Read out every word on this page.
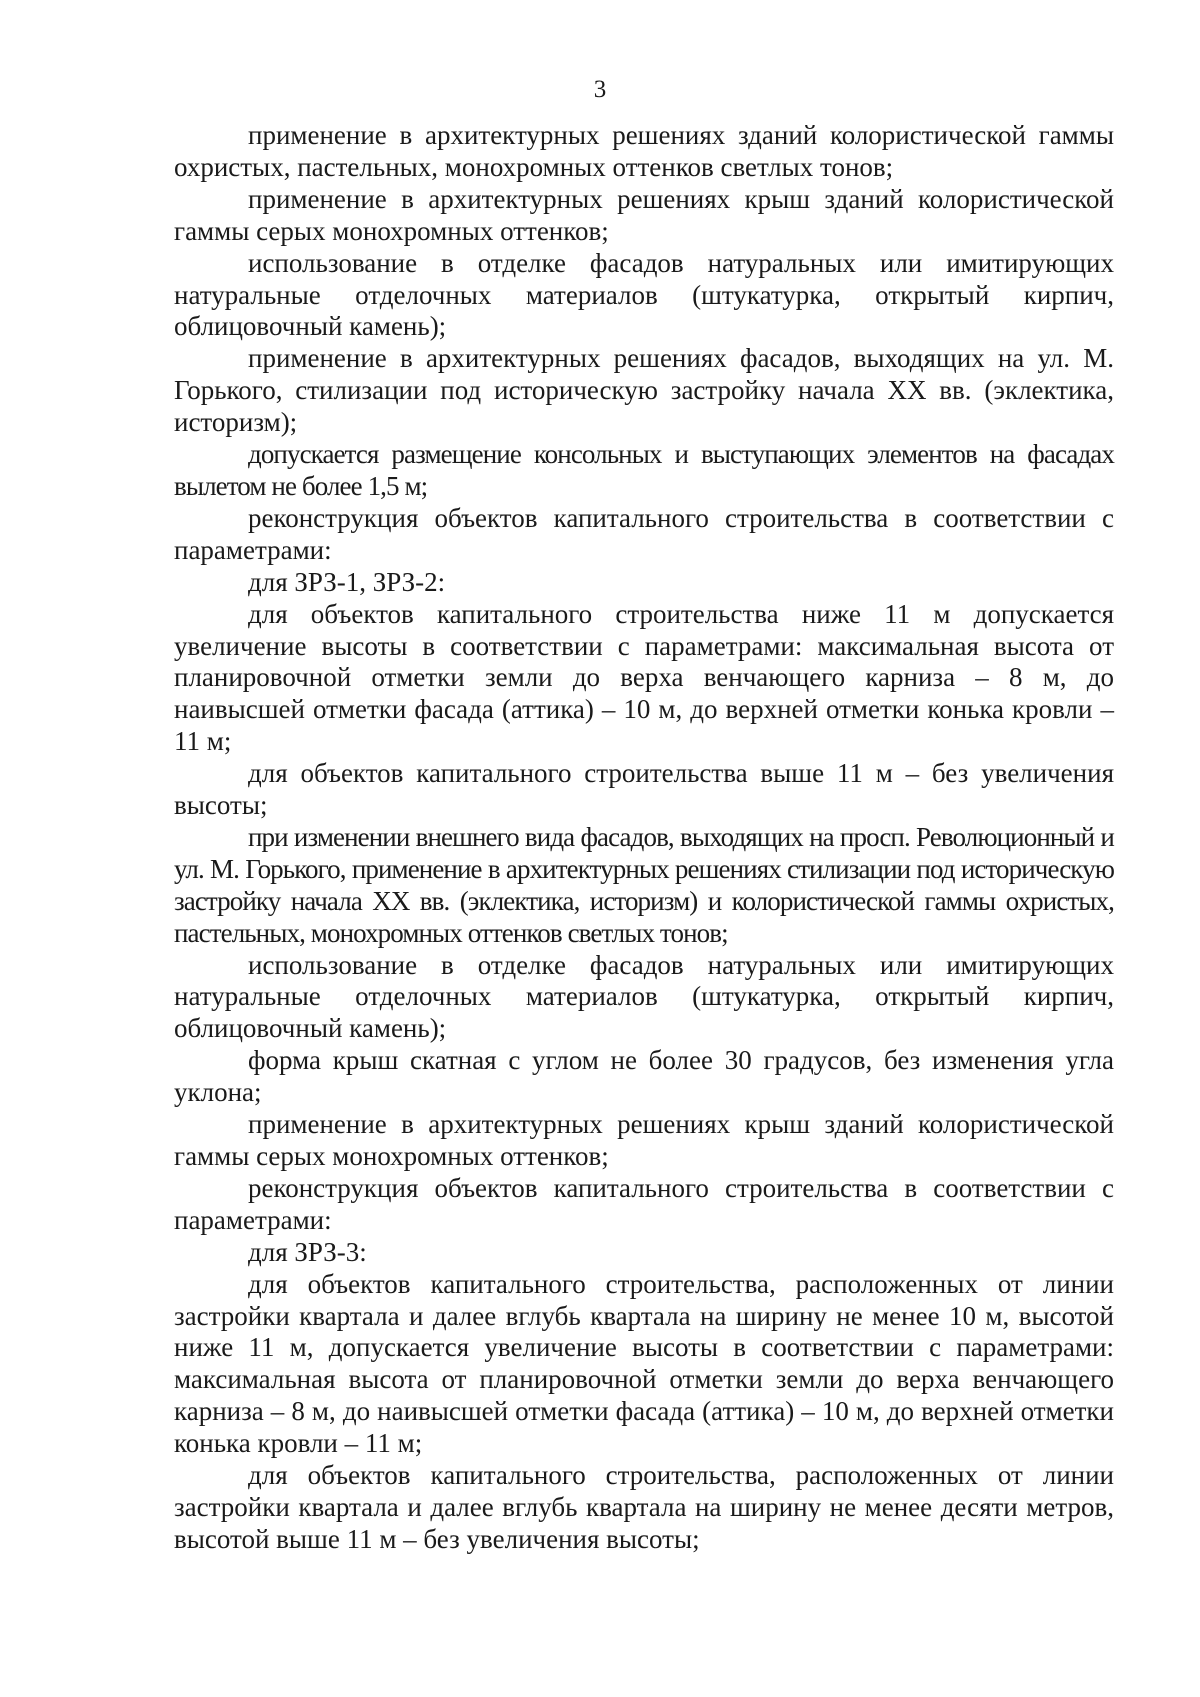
3

применение в архитектурных решениях зданий колористической гаммы охристых, пастельных, монохромных оттенков светлых тонов;

применение в архитектурных решениях крыш зданий колористической гаммы серых монохромных оттенков;

использование в отделке фасадов натуральных или имитирующих натуральные отделочных материалов (штукатурка, открытый кирпич, облицовочный камень);

применение в архитектурных решениях фасадов, выходящих на ул. М. Горького, стилизации под историческую застройку начала XX вв. (эклектика, историзм);

допускается размещение консольных и выступающих элементов на фасадах вылетом не более 1,5 м;

реконструкция объектов капитального строительства в соответствии с параметрами:

для ЗРЗ-1, ЗРЗ-2:

для объектов капитального строительства ниже 11 м допускается увеличение высоты в соответствии с параметрами: максимальная высота от планировочной отметки земли до верха венчающего карниза – 8 м, до наивысшей отметки фасада (аттика) – 10 м, до верхней отметки конька кровли – 11 м;

для объектов капитального строительства выше 11 м – без увеличения высоты;

при изменении внешнего вида фасадов, выходящих на просп. Революционный и ул. М. Горького, применение в архитектурных решениях стилизации под историческую застройку начала XX вв. (эклектика, историзм) и колористической гаммы охристых, пастельных, монохромных оттенков светлых тонов;

использование в отделке фасадов натуральных или имитирующих натуральные отделочных материалов (штукатурка, открытый кирпич, облицовочный камень);

форма крыш скатная с углом не более 30 градусов, без изменения угла уклона;

применение в архитектурных решениях крыш зданий колористической гаммы серых монохромных оттенков;

реконструкция объектов капитального строительства в соответствии с параметрами:

для ЗРЗ-3:

для объектов капитального строительства, расположенных от линии застройки квартала и далее вглубь квартала на ширину не менее 10 м, высотой ниже 11 м, допускается увеличение высоты в соответствии с параметрами: максимальная высота от планировочной отметки земли до верха венчающего карниза – 8 м, до наивысшей отметки фасада (аттика) – 10 м, до верхней отметки конька кровли – 11 м;

для объектов капитального строительства, расположенных от линии застройки квартала и далее вглубь квартала на ширину не менее десяти метров, высотой выше 11 м – без увеличения высоты;
